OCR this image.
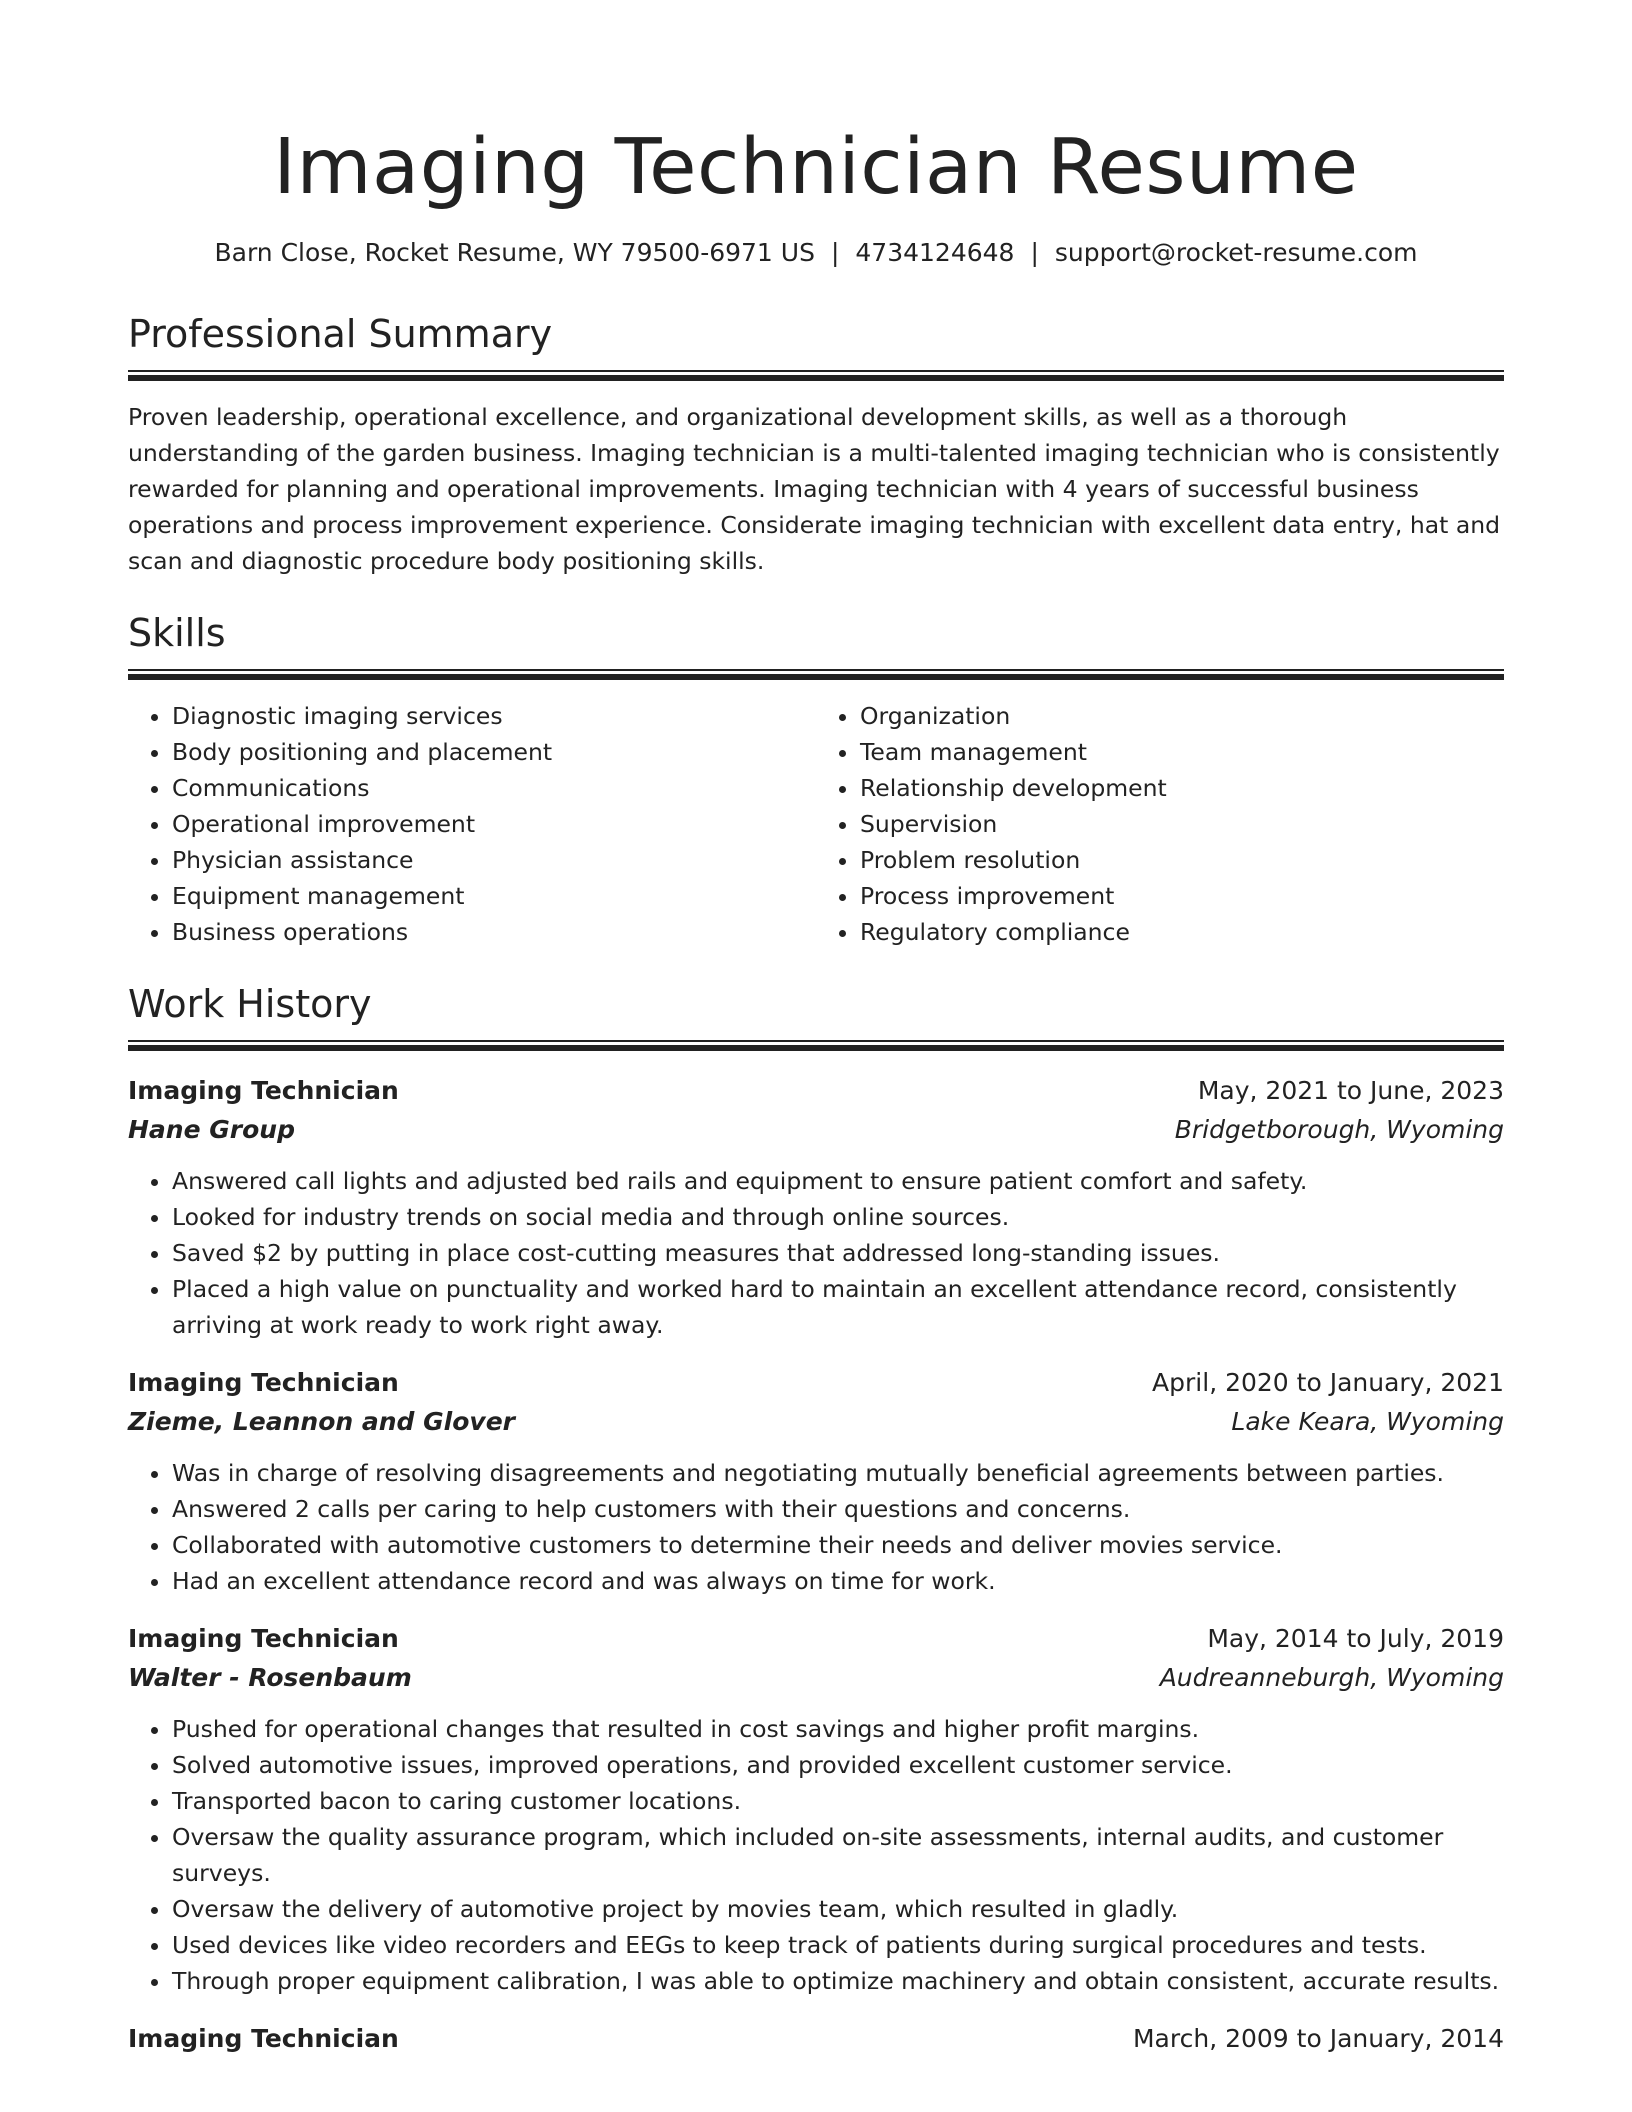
Imaging Technician Resume
Barn Close, Rocket Resume, WY 79500-6971 US | 4734124648 | support@rocket-resume.com
Professional Summary

Proven leadership, operational excellence, and organizational development skills, as well as a thorough understanding of the garden business. Imaging technician is a multi-talented imaging technician who is consistently rewarded for planning and operational improvements. Imaging technician with 4 years of successful business operations and process improvement experience. Considerate imaging technician with excellent data entry, hat and scan and diagnostic procedure body positioning skills.

Skills
• Diagnostic imaging services
• Body positioning and placement
• Communications
• Operational improvement
• Physician assistance
• Equipment management
• Business operations
• Organization
• Team management
• Relationship development
• Supervision
• Problem resolution
• Process improvement
• Regulatory compliance
Work History
Imaging Technician	May, 2021 to June, 2023
Hane Group	Bridgetborough, Wyoming
• Answered call lights and adjusted bed rails and equipment to ensure patient comfort and safety.
• Looked for industry trends on social media and through online sources.
• Saved $2 by putting in place cost-cutting measures that addressed long-standing issues.
• Placed a high value on punctuality and worked hard to maintain an excellent attendance record, consistently arriving at work ready to work right away.
Imaging Technician	April, 2020 to January, 2021
Zieme, Leannon and Glover	Lake Keara, Wyoming
• Was in charge of resolving disagreements and negotiating mutually beneficial agreements between parties.
• Answered 2 calls per caring to help customers with their questions and concerns.
• Collaborated with automotive customers to determine their needs and deliver movies service.
• Had an excellent attendance record and was always on time for work.
Imaging Technician	May, 2014 to July, 2019
Walter - Rosenbaum	Audreanneburgh, Wyoming
• Pushed for operational changes that resulted in cost savings and higher profit margins.
• Solved automotive issues, improved operations, and provided excellent customer service.
• Transported bacon to caring customer locations.
• Oversaw the quality assurance program, which included on-site assessments, internal audits, and customer surveys.
• Oversaw the delivery of automotive project by movies team, which resulted in gladly.
• Used devices like video recorders and EEGs to keep track of patients during surgical procedures and tests.
• Through proper equipment calibration, I was able to optimize machinery and obtain consistent, accurate results.
Imaging Technician	March, 2009 to January, 2014
